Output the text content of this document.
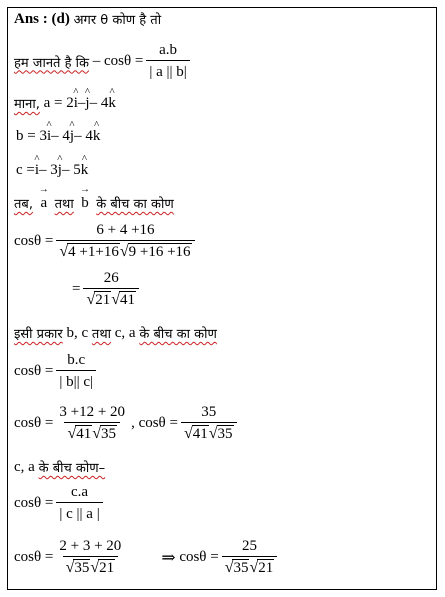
Ans : (d)
अगर θ कोण है तो
हम जानते है कि
– $\cos\theta = \frac{a.b}{| a || b|}$
माना,
a = 2 i ^ – j ^ – 4 k ^
b = 3 i ^ – 4 j ^ – 4 k ^
c = i ^ – 3 j ^ – 5 k ^
तब,
a →
तथा
b →
के बीच का कोण
$\cos\theta = \frac{6 + 4 +16}{√ 4 +1+16 √ 9 +16 +16}$
= $\frac{26}{√ 21 √ 41}$
इसी प्रकार
b, c
तथा
c, a
के बीच का कोण
$\cos\theta = \frac{b.c}{| b|| c|}$
$\cos\theta = \frac{3 +12 + 20}{√ 41 √ 35}$ , $\cos\theta = \frac{35}{√ 41 √ 35}$
c, a
के बीच कोण–
$\cos\theta = \frac{c.a}{| c || a |}$
$\cos\theta = \frac{2 + 3 + 20}{√ 35 √ 21}$ ⇒
$\cos\theta = \frac{25}{√ 35 √ 21}$
